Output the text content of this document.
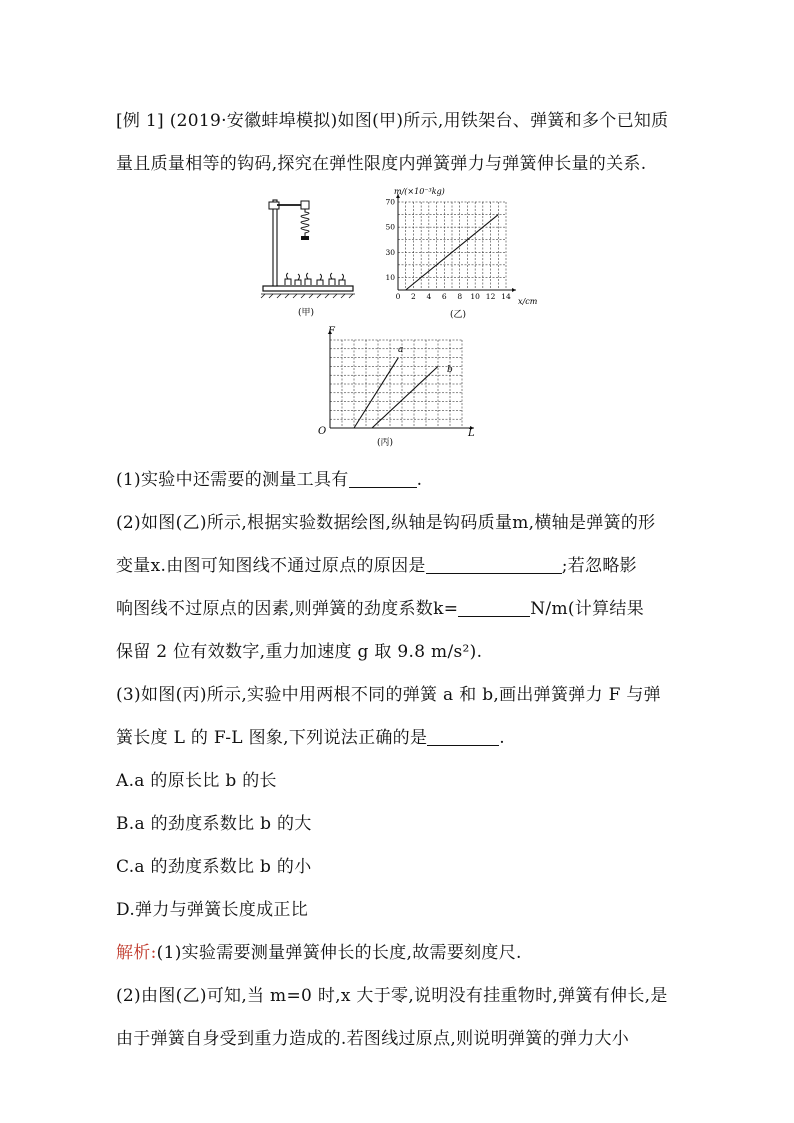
[例 1] (2019·安徽蚌埠模拟)如图(甲)所示,用铁架台、弹簧和多个已知质
量且质量相等的钩码,探究在弹性限度内弹簧弹力与弹簧伸长量的关系.
(甲)
0 2 4 6 8 10 12 14
10
30
50
70
m/(×10⁻³kg)
x/cm
(乙)
F
L
O
a
b
(丙)
(1)实验中还需要的测量工具有	.
(2)如图(乙)所示,根据实验数据绘图,纵轴是钩码质量m,横轴是弹簧的形
变量x.由图可知图线不通过原点的原因是	;若忽略影
响图线不过原点的因素,则弹簧的劲度系数k=	N/m(计算结果
保留 2 位有效数字,重力加速度 g 取 9.8 m/s²).
(3)如图(丙)所示,实验中用两根不同的弹簧 a 和 b,画出弹簧弹力 F 与弹
簧长度 L 的 F-L 图象,下列说法正确的是	.
A.a 的原长比 b 的长
B.a 的劲度系数比 b 的大
C.a 的劲度系数比 b 的小
D.弹力与弹簧长度成正比
解析:(1)实验需要测量弹簧伸长的长度,故需要刻度尺.
(2)由图(乙)可知,当 m=0 时,x 大于零,说明没有挂重物时,弹簧有伸长,是
由于弹簧自身受到重力造成的.若图线过原点,则说明弹簧的弹力大小
